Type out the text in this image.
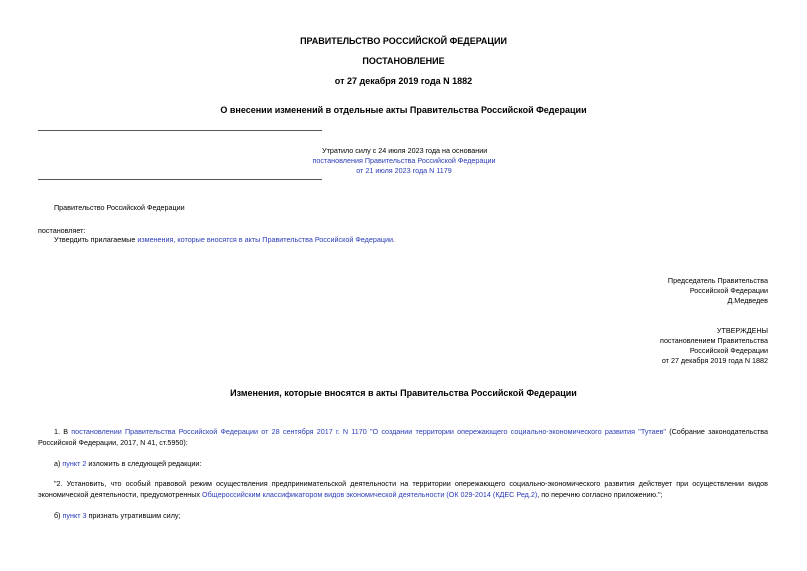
ПРАВИТЕЛЬСТВО РОССИЙСКОЙ ФЕДЕРАЦИИ
ПОСТАНОВЛЕНИЕ
от 27 декабря 2019 года N 1882
О внесении изменений в отдельные акты Правительства Российской Федерации
Утратило силу с 24 июля 2023 года на основании
постановления Правительства Российской Федерации
от 21 июля 2023 года N 1179
Правительство Российской Федерации
постановляет:
Утвердить прилагаемые изменения, которые вносятся в акты Правительства Российской Федерации.
Председатель Правительства
Российской Федерации
Д.Медведев
УТВЕРЖДЕНЫ
постановлением Правительства
Российской Федерации
от 27 декабря 2019 года N 1882
Изменения, которые вносятся в акты Правительства Российской Федерации
1. В постановлении Правительства Российской Федерации от 28 сентября 2017 г. N 1170 "О создании территории опережающего социально-экономического развития "Тутаев" (Собрание законодательства Российской Федерации, 2017, N 41, ст.5950):
а) пункт 2 изложить в следующей редакции:
"2. Установить, что особый правовой режим осуществления предпринимательской деятельности на территории опережающего социально-экономического развития действует при осуществлении видов экономической деятельности, предусмотренных Общероссийским классификатором видов экономической деятельности (ОК 029-2014 (КДЕС Ред.2), по перечню согласно приложению.";
б) пункт 3 признать утратившим силу;
